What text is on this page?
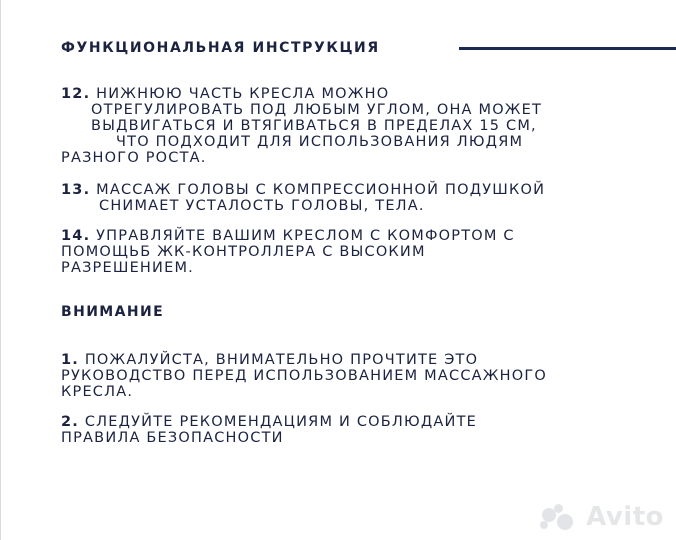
ФУНКЦИОНАЛЬНАЯ ИНСТРУКЦИЯ

12. НИЖНЮЮ ЧАСТЬ КРЕСЛА МОЖНО
ОТРЕГУЛИРОВАТЬ ПОД ЛЮБЫМ УГЛОМ, ОНА МОЖЕТ
ВЫДВИГАТЬСЯ И ВТЯГИВАТЬСЯ В ПРЕДЕЛАХ 15 СМ,
ЧТО ПОДХОДИТ ДЛЯ ИСПОЛЬЗОВАНИЯ ЛЮДЯМ
РАЗНОГО РОСТА.

13. МАССАЖ ГОЛОВЫ С КОМПРЕССИОННОЙ ПОДУШКОЙ
СНИМАЕТ УСТАЛОСТЬ ГОЛОВЫ, ТЕЛА.

14. УПРАВЛЯЙТЕ ВАШИМ КРЕСЛОМ С КОМФОРТОМ С
ПОМОЩЬБ ЖК-КОНТРОЛЛЕРА С ВЫСОКИМ
РАЗРЕШЕНИЕМ.

ВНИМАНИЕ

1. ПОЖАЛУЙСТА, ВНИМАТЕЛЬНО ПРОЧТИТЕ ЭТО
РУКОВОДСТВО ПЕРЕД ИСПОЛЬЗОВАНИЕМ МАССАЖНОГО
КРЕСЛА.

2. СЛЕДУЙТЕ РЕКОМЕНДАЦИЯМ И СОБЛЮДАЙТЕ
ПРАВИЛА БЕЗОПАСНОСТИ

Avito
